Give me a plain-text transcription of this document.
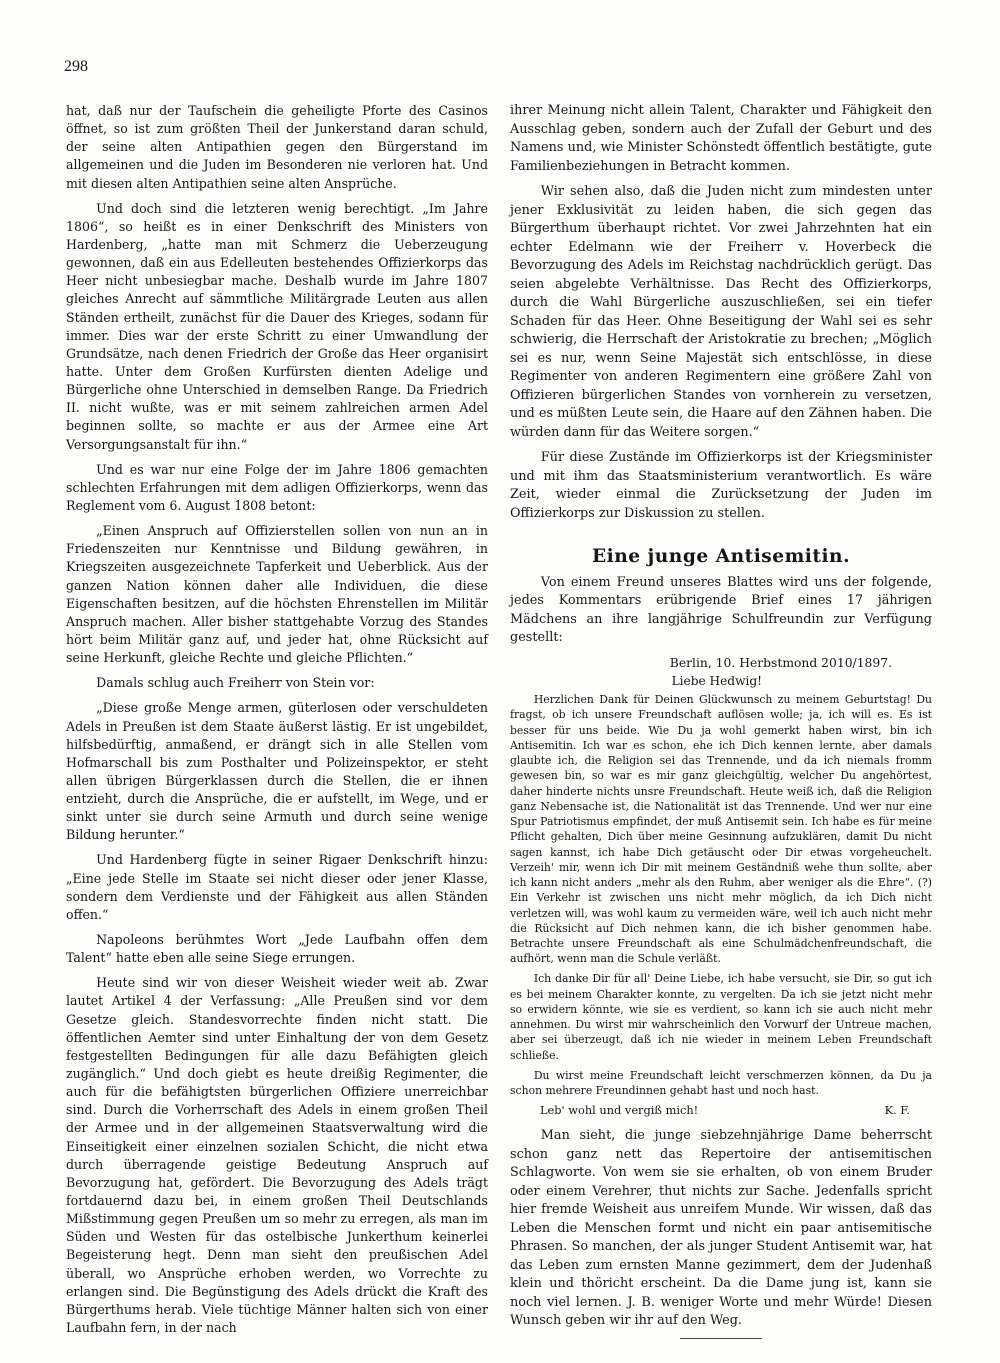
298

hat, daß nur der Taufschein die geheiligte Pforte des Casinos öffnet, so ist zum größten Theil der Junkerstand daran schuld, der seine alten Antipathien gegen den Bürgerstand im allgemeinen und die Juden im Besonderen nie verloren hat. Und mit diesen alten Antipathien seine alten Ansprüche.

Und doch sind die letzteren wenig berechtigt. „Im Jahre 1806“, so heißt es in einer Denkschrift des Ministers von Hardenberg, „hatte man mit Schmerz die Ueberzeugung gewonnen, daß ein aus Edelleuten bestehendes Offizierkorps das Heer nicht unbesiegbar mache. Deshalb wurde im Jahre 1807 gleiches Anrecht auf sämmtliche Militärgrade Leuten aus allen Ständen ertheilt, zunächst für die Dauer des Krieges, sodann für immer. Dies war der erste Schritt zu einer Umwandlung der Grundsätze, nach denen Friedrich der Große das Heer organisirt hatte. Unter dem Großen Kurfürsten dienten Adelige und Bürgerliche ohne Unterschied in demselben Range. Da Friedrich II. nicht wußte, was er mit seinem zahlreichen armen Adel beginnen sollte, so machte er aus der Armee eine Art Versorgungsanstalt für ihn.“

Und es war nur eine Folge der im Jahre 1806 gemachten schlechten Erfahrungen mit dem adligen Offizierkorps, wenn das Reglement vom 6. August 1808 betont:

„Einen Anspruch auf Offizierstellen sollen von nun an in Friedenszeiten nur Kenntnisse und Bildung gewähren, in Kriegszeiten ausgezeichnete Tapferkeit und Ueberblick. Aus der ganzen Nation können daher alle Individuen, die diese Eigenschaften besitzen, auf die höchsten Ehrenstellen im Militär Anspruch machen. Aller bisher stattgehabte Vorzug des Standes hört beim Militär ganz auf, und jeder hat, ohne Rücksicht auf seine Herkunft, gleiche Rechte und gleiche Pflichten.“

Damals schlug auch Freiherr von Stein vor:

„Diese große Menge armen, güterlosen oder verschuldeten Adels in Preußen ist dem Staate äußerst lästig. Er ist ungebildet, hilfsbedürftig, anmaßend, er drängt sich in alle Stellen vom Hofmarschall bis zum Posthalter und Polizeinspektor, er steht allen übrigen Bürgerklassen durch die Stellen, die er ihnen entzieht, durch die Ansprüche, die er aufstellt, im Wege, und er sinkt unter sie durch seine Armuth und durch seine wenige Bildung herunter.“

Und Hardenberg fügte in seiner Rigaer Denkschrift hinzu: „Eine jede Stelle im Staate sei nicht dieser oder jener Klasse, sondern dem Verdienste und der Fähigkeit aus allen Ständen offen.“

Napoleons berühmtes Wort „Jede Laufbahn offen dem Talent“ hatte eben alle seine Siege errungen.

Heute sind wir von dieser Weisheit wieder weit ab. Zwar lautet Artikel 4 der Verfassung: „Alle Preußen sind vor dem Gesetze gleich. Standesvorrechte finden nicht statt. Die öffentlichen Aemter sind unter Einhaltung der von dem Gesetz festgestellten Bedingungen für alle dazu Befähigten gleich zugänglich.“ Und doch giebt es heute dreißig Regimenter, die auch für die befähigtsten bürgerlichen Offiziere unerreichbar sind. Durch die Vorherrschaft des Adels in einem großen Theil der Armee und in der allgemeinen Staatsverwaltung wird die Einseitigkeit einer einzelnen sozialen Schicht, die nicht etwa durch überragende geistige Bedeutung Anspruch auf Bevorzugung hat, gefördert. Die Bevorzugung des Adels trägt fortdauernd dazu bei, in einem großen Theil Deutschlands Mißstimmung gegen Preußen um so mehr zu erregen, als man im Süden und Westen für das ostelbische Junkerthum keinerlei Begeisterung hegt. Denn man sieht den preußischen Adel überall, wo Ansprüche erhoben werden, wo Vorrechte zu erlangen sind. Die Begünstigung des Adels drückt die Kraft des Bürgerthums herab. Viele tüchtige Männer halten sich von einer Laufbahn fern, in der nach

ihrer Meinung nicht allein Talent, Charakter und Fähigkeit den Ausschlag geben, sondern auch der Zufall der Geburt und des Namens und, wie Minister Schönstedt öffentlich bestätigte, gute Familienbeziehungen in Betracht kommen.

Wir sehen also, daß die Juden nicht zum mindesten unter jener Exklusivität zu leiden haben, die sich gegen das Bürgerthum überhaupt richtet. Vor zwei Jahrzehnten hat ein echter Edelmann wie der Freiherr v. Hoverbeck die Bevorzugung des Adels im Reichstag nachdrücklich gerügt. Das seien abgelebte Verhältnisse. Das Recht des Offizierkorps, durch die Wahl Bürgerliche auszuschließen, sei ein tiefer Schaden für das Heer. Ohne Beseitigung der Wahl sei es sehr schwierig, die Herrschaft der Aristokratie zu brechen; „Möglich sei es nur, wenn Seine Majestät sich entschlösse, in diese Regimenter von anderen Regimentern eine größere Zahl von Offizieren bürgerlichen Standes von vornherein zu versetzen, und es müßten Leute sein, die Haare auf den Zähnen haben. Die würden dann für das Weitere sorgen.“

Für diese Zustände im Offizierkorps ist der Kriegsminister und mit ihm das Staatsministerium verantwortlich. Es wäre Zeit, wieder einmal die Zurücksetzung der Juden im Offizierkorps zur Diskussion zu stellen.

Eine junge Antisemitin.

Von einem Freund unseres Blattes wird uns der folgende, jedes Kommentars erübrigende Brief eines 17 jährigen Mädchens an ihre langjährige Schulfreundin zur Verfügung gestellt:

Berlin, 10. Herbstmond 2010/1897.
Liebe Hedwig!

Herzlichen Dank für Deinen Glückwunsch zu meinem Geburtstag! Du fragst, ob ich unsere Freundschaft auflösen wolle; ja, ich will es. Es ist besser für uns beide. Wie Du ja wohl gemerkt haben wirst, bin ich Antisemitin. Ich war es schon, ehe ich Dich kennen lernte, aber damals glaubte ich, die Religion sei das Trennende, und da ich niemals fromm gewesen bin, so war es mir ganz gleichgültig, welcher Du angehörtest, daher hinderte nichts unsre Freundschaft. Heute weiß ich, daß die Religion ganz Nebensache ist, die Nationalität ist das Trennende. Und wer nur eine Spur Patriotismus empfindet, der muß Antisemit sein. Ich habe es für meine Pflicht gehalten, Dich über meine Gesinnung aufzuklären, damit Du nicht sagen kannst, ich habe Dich getäuscht oder Dir etwas vorgeheuchelt. Verzeih' mir, wenn ich Dir mit meinem Geständniß wehe thun sollte, aber ich kann nicht anders „mehr als den Ruhm, aber weniger als die Ehre“. (?) Ein Verkehr ist zwischen uns nicht mehr möglich, da ich Dich nicht verletzen will, was wohl kaum zu vermeiden wäre, weil ich auch nicht mehr die Rücksicht auf Dich nehmen kann, die ich bisher genommen habe. Betrachte unsere Freundschaft als eine Schulmädchenfreundschaft, die aufhört, wenn man die Schule verläßt.

Ich danke Dir für all' Deine Liebe, ich habe versucht, sie Dir, so gut ich es bei meinem Charakter konnte, zu vergelten. Da ich sie jetzt nicht mehr so erwidern könnte, wie sie es verdient, so kann ich sie auch nicht mehr annehmen. Du wirst mir wahrscheinlich den Vorwurf der Untreue machen, aber sei überzeugt, daß ich nie wieder in meinem Leben Freundschaft schließe.

Du wirst meine Freundschaft leicht verschmerzen können, da Du ja schon mehrere Freundinnen gehabt hast und noch hast.

Leb' wohl und vergiß mich!	K. F.

Man sieht, die junge siebzehnjährige Dame beherrscht schon ganz nett das Repertoire der antisemitischen Schlagworte. Von wem sie sie erhalten, ob von einem Bruder oder einem Verehrer, thut nichts zur Sache. Jedenfalls spricht hier fremde Weisheit aus unreifem Munde. Wir wissen, daß das Leben die Menschen formt und nicht ein paar antisemitische Phrasen. So manchen, der als junger Student Antisemit war, hat das Leben zum ernsten Manne gezimmert, dem der Judenhaß klein und thöricht erscheint. Da die Dame jung ist, kann sie noch viel lernen. J. B. weniger Worte und mehr Würde! Diesen Wunsch geben wir ihr auf den Weg.
